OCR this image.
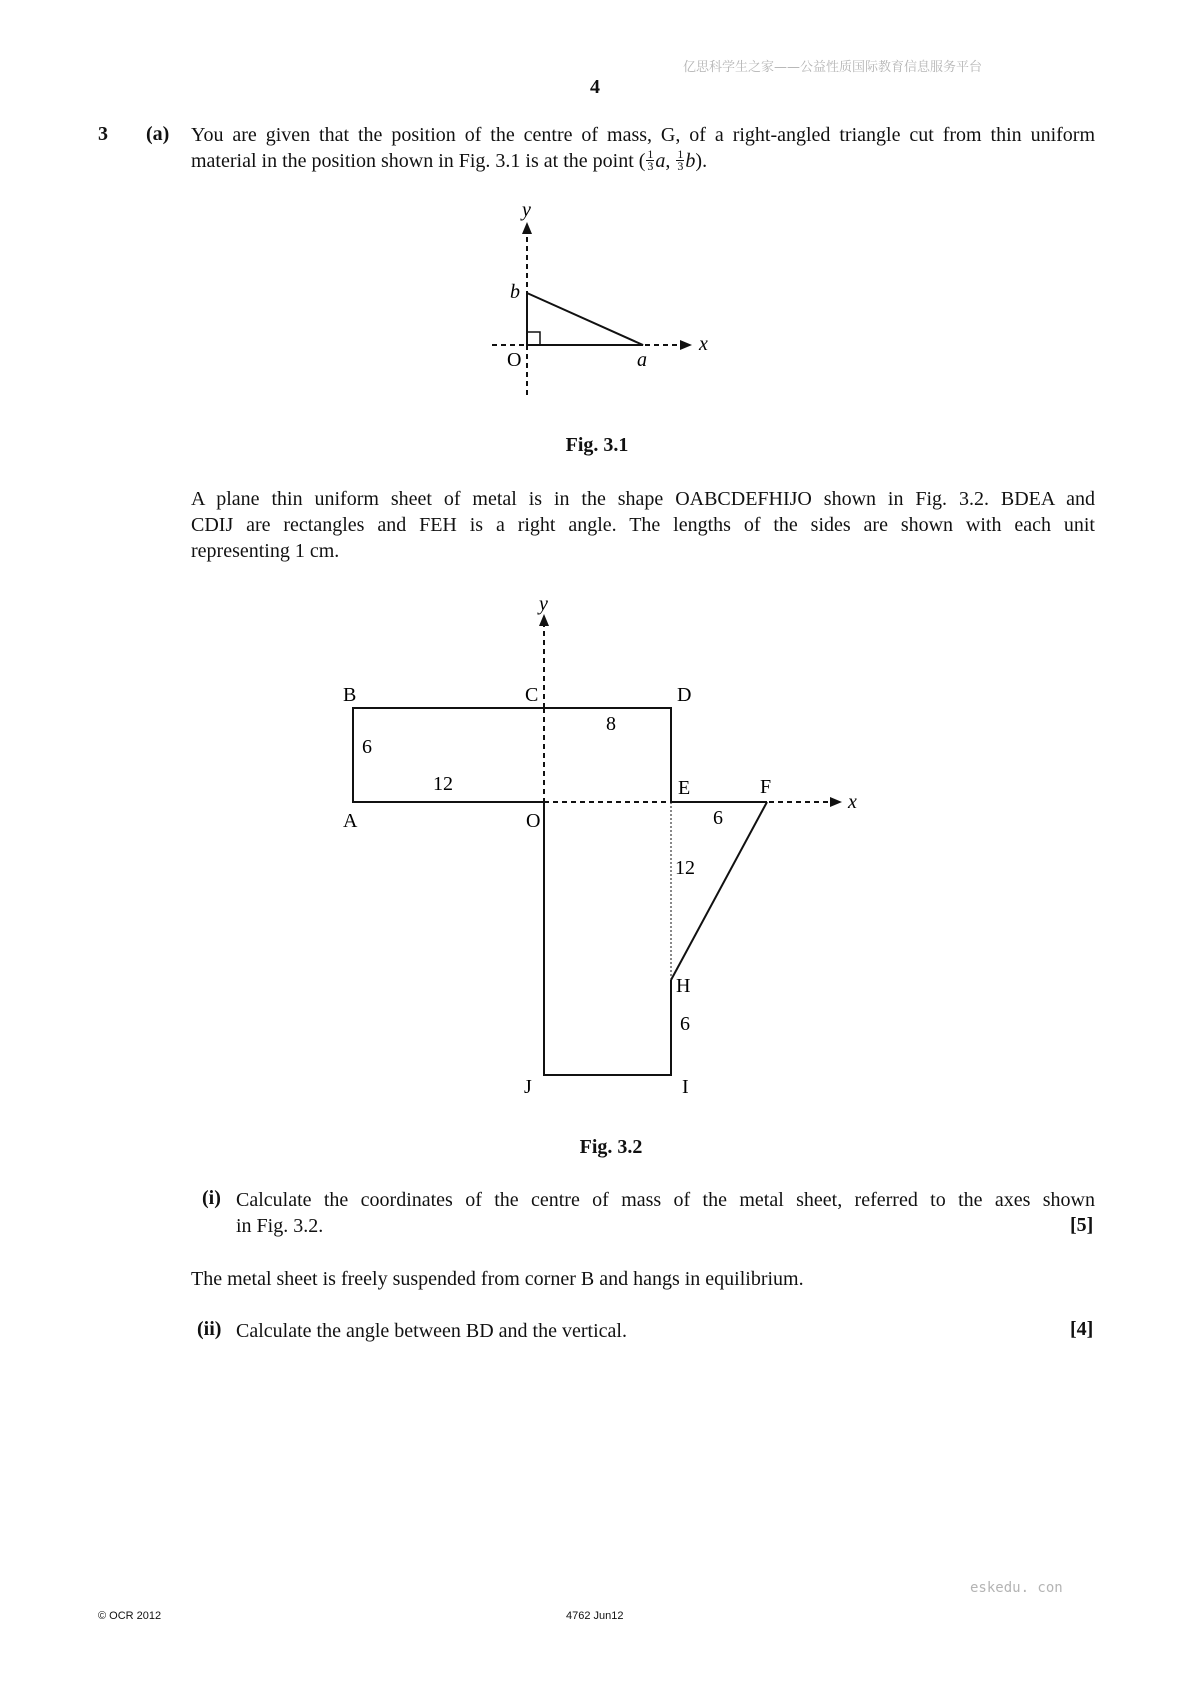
亿思科学生之家——公益性质国际教育信息服务平台
4
3 (a) You are given that the position of the centre of mass, G, of a right-angled triangle cut from thin uniform
material in the position shown in Fig. 3.1 is at the point ( $\frac{1}{3} a$, $\frac{1}{3} b$).
y
x
b
a
O
Fig. 3.1
A plane thin uniform sheet of metal is in the shape OABCDEFHIJO shown in Fig. 3.2. BDEA and
CDIJ are rectangles and FEH is a right angle. The lengths of the sides are shown with each unit
representing 1 cm.
y
x
B	C	D
A	O
E	F
H
J	I
6
12
8
6
12
6
Fig. 3.2
(i) Calculate the coordinates of the centre of mass of the metal sheet, referred to the axes shown
in Fig. 3.2.	[5]
The metal sheet is freely suspended from corner B and hangs in equilibrium.
(ii) Calculate the angle between BD and the vertical.	[4]
eskedu. con
© OCR 2012	4762 Jun12
